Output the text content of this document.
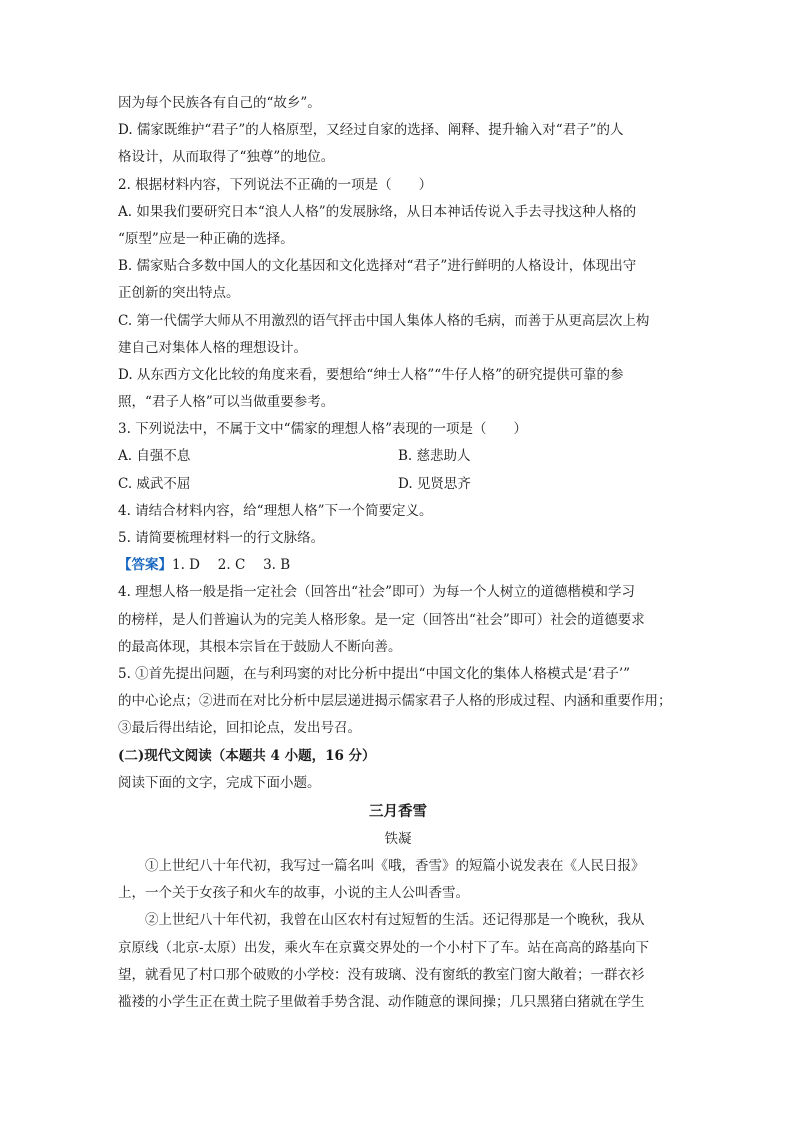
因为每个民族各有自己的“故乡”。
D. 儒家既维护“君子”的人格原型，又经过自家的选择、阐释、提升输入对“君子”的人
格设计，从而取得了“独尊”的地位。
2. 根据材料内容，下列说法不正确的一项是（　　）
A. 如果我们要研究日本“浪人人格”的发展脉络，从日本神话传说入手去寻找这种人格的
“原型”应是一种正确的选择。
B. 儒家贴合多数中国人的文化基因和文化选择对“君子”进行鲜明的人格设计，体现出守
正创新的突出特点。
C. 第一代儒学大师从不用激烈的语气抨击中国人集体人格的毛病，而善于从更高层次上构
建自己对集体人格的理想设计。
D. 从东西方文化比较的角度来看，要想给“绅士人格”“牛仔人格”的研究提供可靠的参
照，“君子人格”可以当做重要参考。
3. 下列说法中，不属于文中“儒家的理想人格”表现的一项是（　　）
A. 自强不息	B. 慈悲助人
C. 威武不屈	D. 见贤思齐
4. 请结合材料内容，给“理想人格”下一个简要定义。
5. 请简要梳理材料一的行文脉络。
【答案】1. D　 2. C　 3. B
4. 理想人格一般是指一定社会（回答出“社会”即可）为每一个人树立的道德楷模和学习
的榜样，是人们普遍认为的完美人格形象。是一定（回答出“社会”即可）社会的道德要求
的最高体现，其根本宗旨在于鼓励人不断向善。
5. ①首先提出问题，在与利玛窦的对比分析中提出“中国文化的集体人格模式是‘君子’”
的中心论点；②进而在对比分析中层层递进揭示儒家君子人格的形成过程、内涵和重要作用；
③最后得出结论，回扣论点，发出号召。
(二)现代文阅读（本题共 4 小题，16 分）
阅读下面的文字，完成下面小题。
三月香雪
铁凝
①上世纪八十年代初，我写过一篇名叫《哦，香雪》的短篇小说发表在《人民日报》
上，一个关于女孩子和火车的故事，小说的主人公叫香雪。
②上世纪八十年代初，我曾在山区农村有过短暂的生活。还记得那是一个晚秋，我从
京原线（北京-太原）出发，乘火车在京冀交界处的一个小村下了车。站在高高的路基向下
望，就看见了村口那个破败的小学校：没有玻璃、没有窗纸的教室门窗大敞着；一群衣衫
褴褛的小学生正在黄土院子里做着手势含混、动作随意的课间操；几只黑猪白猪就在学生
